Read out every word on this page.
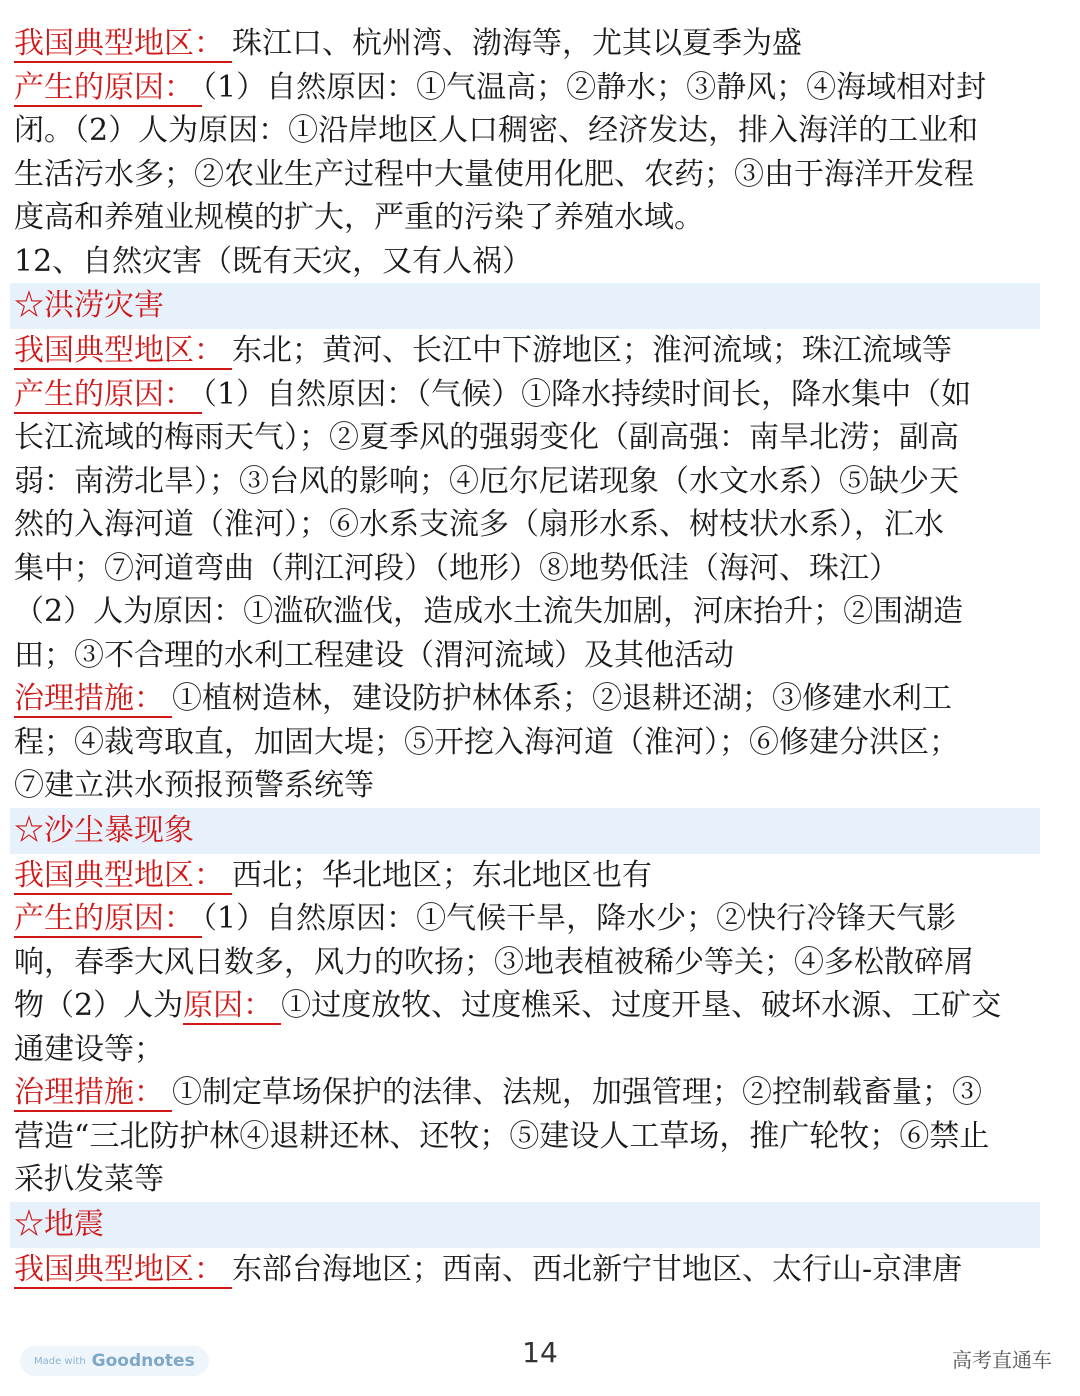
我国典型地区： 珠江口、杭州湾、渤海等，尤其以夏季为盛
产生的原因： （1）自然原因：①气温高；②静水；③静风；④海域相对封
闭。（2）人为原因：①沿岸地区人口稠密、经济发达，排入海洋的工业和
生活污水多；②农业生产过程中大量使用化肥、农药；③由于海洋开发程
度高和养殖业规模的扩大，严重的污染了养殖水域。
12、自然灾害（既有天灾，又有人祸）
☆洪涝灾害
我国典型地区： 东北；黄河、长江中下游地区；淮河流域；珠江流域等
产生的原因： （1）自然原因：（气候）①降水持续时间长，降水集中（如
长江流域的梅雨天气）；②夏季风的强弱变化（副高强：南旱北涝；副高
弱：南涝北旱）；③台风的影响；④厄尔尼诺现象（水文水系）⑤缺少天
然的入海河道（淮河）；⑥水系支流多（扇形水系、树枝状水系），汇水
集中；⑦河道弯曲（荆江河段）（地形）⑧地势低洼（海河、珠江）
（2）人为原因：①滥砍滥伐，造成水土流失加剧，河床抬升；②围湖造
田；③不合理的水利工程建设（渭河流域）及其他活动
治理措施： ①植树造林，建设防护林体系；②退耕还湖；③修建水利工
程；④裁弯取直，加固大堤；⑤开挖入海河道（淮河）；⑥修建分洪区；
⑦建立洪水预报预警系统等
☆沙尘暴现象
我国典型地区： 西北；华北地区；东北地区也有
产生的原因： （1）自然原因：①气候干旱，降水少；②快行冷锋天气影
响，春季大风日数多，风力的吹扬；③地表植被稀少等关；④多松散碎屑
物（2）人为原因： ①过度放牧、过度樵采、过度开垦、破坏水源、工矿交
通建设等；
治理措施： ①制定草场保护的法律、法规，加强管理；②控制载畜量；③
营造“三北防护林④退耕还林、还牧；⑤建设人工草场，推广轮牧；⑥禁止
采扒发菜等
☆地震
我国典型地区： 东部台海地区；西南、西北新宁甘地区、太行山-京津唐
Made with Goodnotes	14	高考直通车
